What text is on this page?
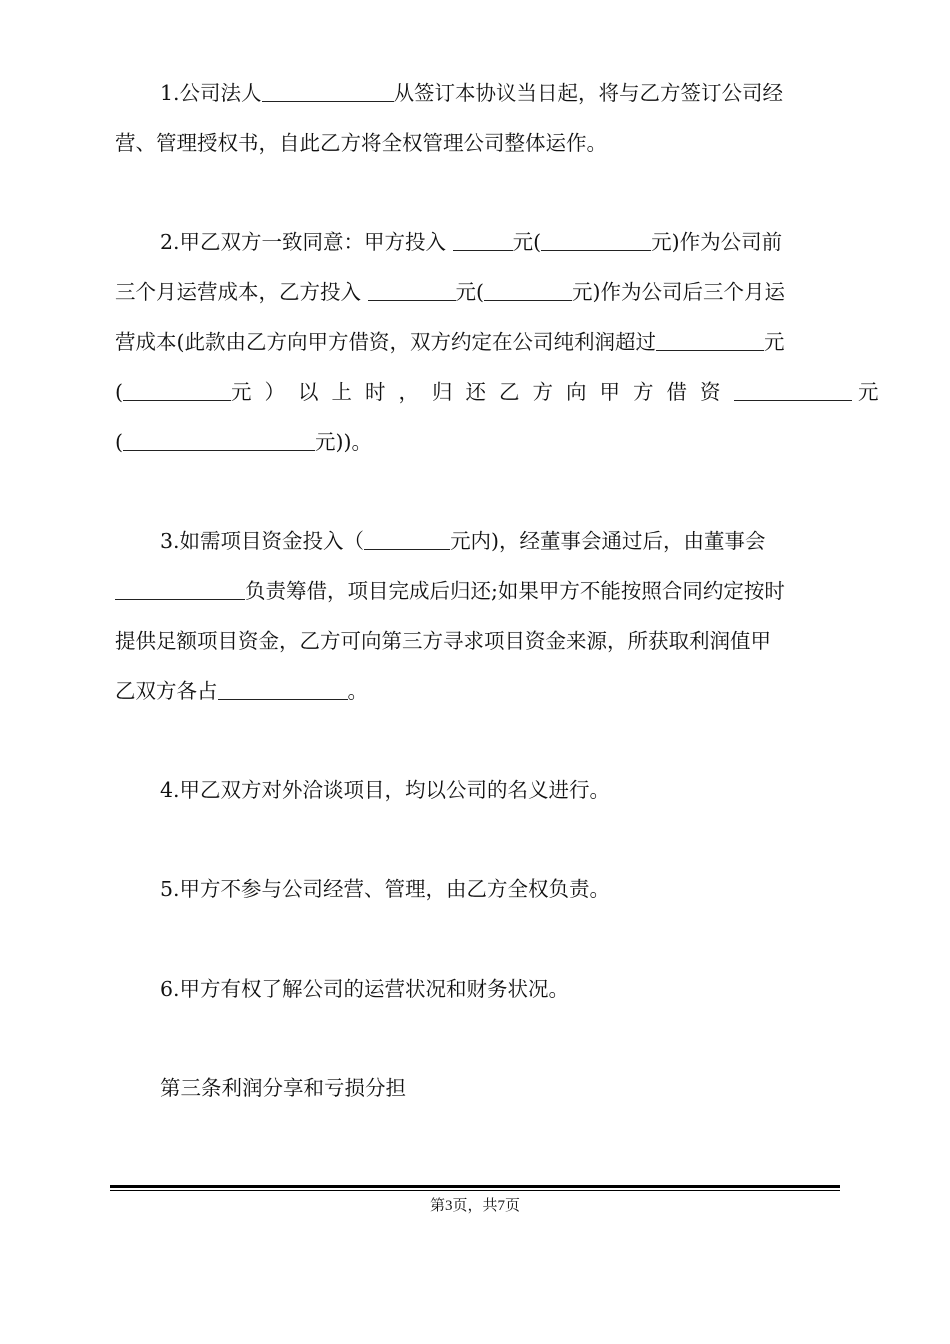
1.公司法人	从签订本协议当日起，将与乙方签订公司经
营、管理授权书，自此乙方将全权管理公司整体运作。
2.甲乙双方一致同意：甲方投入	元(	元)作为公司前
三个月运营成本，乙方投入	元(	元)作为公司后三个月运
营成本(此款由乙方向甲方借资，双方约定在公司纯利润超过	元
(	元）以上时，归还乙方向甲方借资	元
(	元))。
3.如需项目资金投入（	元内)，经董事会通过后，由董事会
负责筹借，项目完成后归还;如果甲方不能按照合同约定按时
提供足额项目资金，乙方可向第三方寻求项目资金来源，所获取利润值甲
乙双方各占	。
4.甲乙双方对外洽谈项目，均以公司的名义进行。
5.甲方不参与公司经营、管理，由乙方全权负责。
6.甲方有权了解公司的运营状况和财务状况。
第三条利润分享和亏损分担
第3页，共7页
